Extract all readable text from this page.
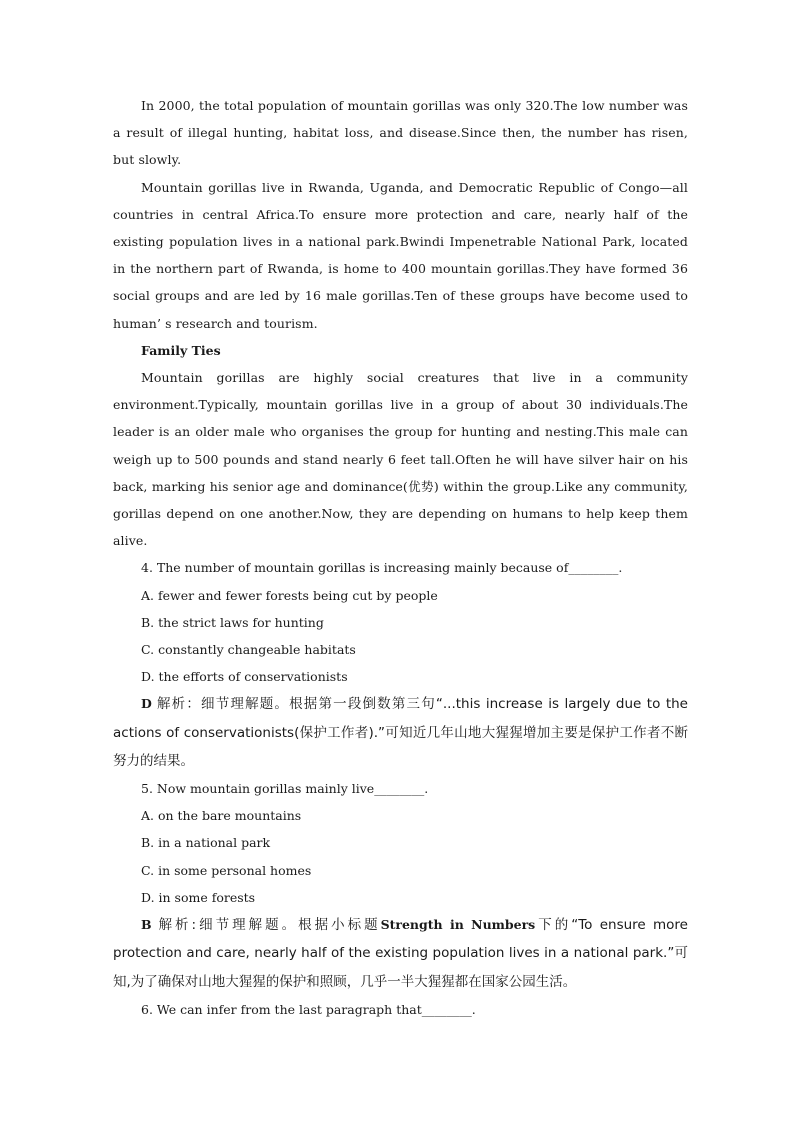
In 2000, the total population of mountain gorillas was only 320.The low number was a result of illegal hunting, habitat loss, and disease.Since then, the number has risen, but slowly.

Mountain gorillas live in Rwanda, Uganda, and Democratic Republic of Congo—all countries in central Africa.To ensure more protection and care, nearly half of the existing population lives in a national park.Bwindi Impenetrable National Park, located in the northern part of Rwanda, is home to 400 mountain gorillas.They have formed 36 social groups and are led by 16 male gorillas.Ten of these groups have become used to human’ s research and tourism.

Family Ties

Mountain gorillas are highly social creatures that live in a community environment.Typically, mountain gorillas live in a group of about 30 individuals.The leader is an older male who organises the group for hunting and nesting.This male can weigh up to 500 pounds and stand nearly 6 feet tall.Often he will have silver hair on his back, marking his senior age and dominance(优势) within the group.Like any community, gorillas depend on one another.Now, they are depending on humans to help keep them alive.

4. The number of mountain gorillas is increasing mainly because of________.

A. fewer and fewer forests being cut by people

B. the strict laws for hunting

C. constantly changeable habitats

D. the efforts of conservationists

D 解析：细节理解题。根据第一段倒数第三句“...this increase is largely due to the actions of conservationists(保护工作者).”可知近几年山地大猩猩增加主要是保护工作者不断努力的结果。

5. Now mountain gorillas mainly live________.

A. on the bare mountains

B. in a national park

C. in some personal homes

D. in some forests

B 解析:细节理解题。根据小标题Strength in Numbers下的“To ensure more protection and care, nearly half of the existing population lives in a national park.”可知,为了确保对山地大猩猩的保护和照顾，几乎一半大猩猩都在国家公园生活。

6. We can infer from the last paragraph that________.
